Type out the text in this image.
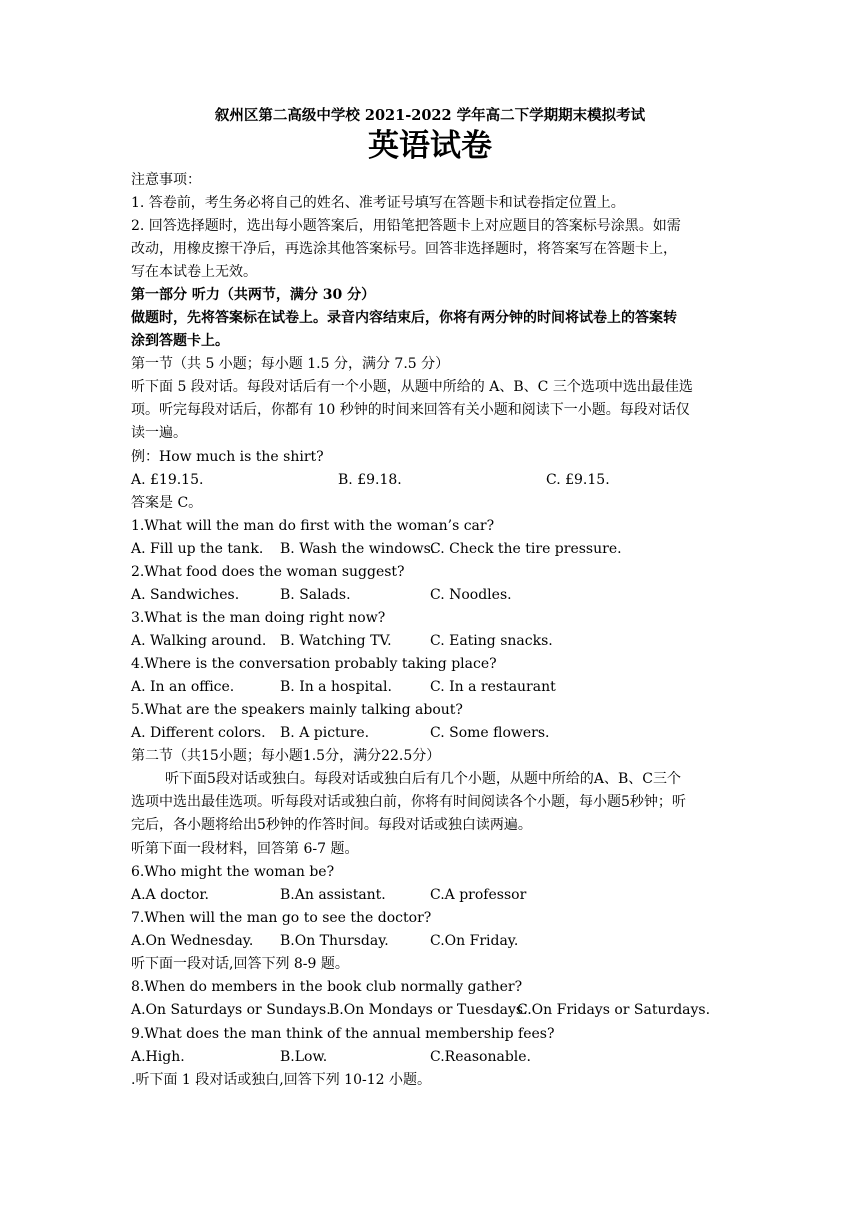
叙州区第二高级中学校 2021-2022 学年高二下学期期末模拟考试
英语试卷
注意事项：
1. 答卷前，考生务必将自己的姓名、准考证号填写在答题卡和试卷指定位置上。
2. 回答选择题时，选出每小题答案后，用铅笔把答题卡上对应题目的答案标号涂黑。如需
改动，用橡皮擦干净后，再选涂其他答案标号。回答非选择题时，将答案写在答题卡上，
写在本试卷上无效。
第一部分 听力（共两节，满分 30 分）
做题时，先将答案标在试卷上。录音内容结束后，你将有两分钟的时间将试卷上的答案转
涂到答题卡上。
第一节（共 5 小题；每小题 1.5 分，满分 7.5 分）
听下面 5 段对话。每段对话后有一个小题，从题中所给的 A、B、C 三个选项中选出最佳选
项。听完每段对话后，你都有 10 秒钟的时间来回答有关小题和阅读下一小题。每段对话仅
读一遍。
例：How much is the shirt?
A. £19.15.	B. £9.18.	C. £9.15.
答案是 C。
1.What will the man do first with the woman’s car?
A. Fill up the tank. B. Wash the windows.
C. Check the tire pressure.
2.What food does the woman suggest?
A. Sandwiches.	B. Salads.	C. Noodles.
3.What is the man doing right now?
A. Walking around. B. Watching TV.	C. Eating snacks.
4.Where is the conversation probably taking place?
A. In an office.	B. In a hospital.	C. In a restaurant
5.What are the speakers mainly talking about?
A. Different colors. B. A picture.	C. Some flowers.
第二节（共15小题；每小题1.5分，满分22.5分）
听下面5段对话或独白。每段对话或独白后有几个小题，从题中所给的A、B、C三个
选项中选出最佳选项。听每段对话或独白前，你将有时间阅读各个小题，每小题5秒钟；听
完后，各小题将给出5秒钟的作答时间。每段对话或独白读两遍。
听第下面一段材料，回答第 6-7 题。
6.Who might the woman be?
A.A doctor.	B.An assistant.	C.A professor
7.When will the man go to see the doctor?
A.On Wednesday. B.On Thursday.	C.On Friday.
听下面一段对话,回答下列 8-9 题。
8.When do members in the book club normally gather?
A.On Saturdays or Sundays.
B.On Mondays or Tuesdays.
C.On Fridays or Saturdays.
9.What does the man think of the annual membership fees?
A.High.	B.Low.	C.Reasonable.
.听下面 1 段对话或独白,回答下列 10-12 小题。
